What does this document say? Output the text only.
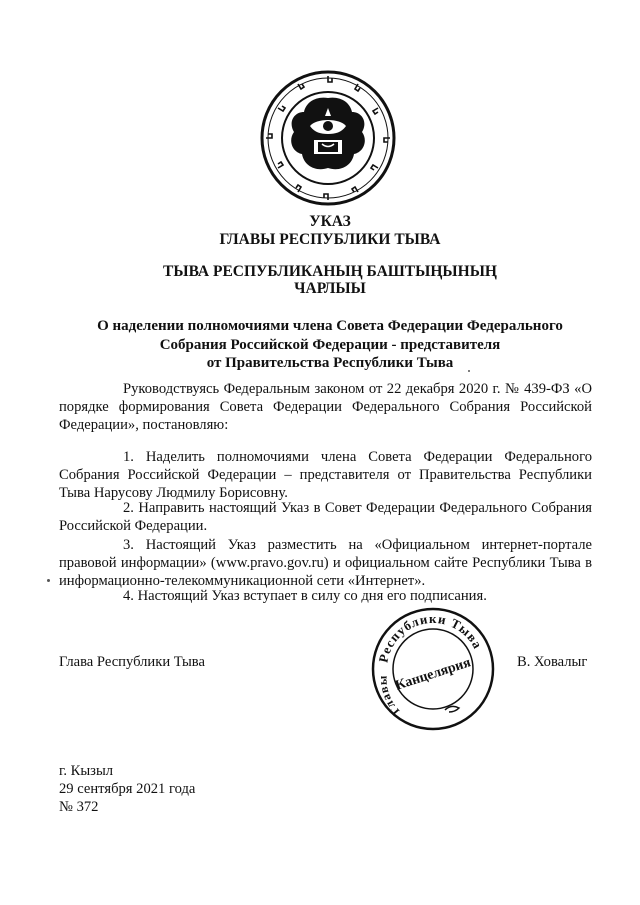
УКАЗ
ГЛАВЫ РЕСПУБЛИКИ ТЫВА
ТЫВА РЕСПУБЛИКАНЫҢ БАШТЫҢЫНЫҢ
ЧАРЛЫЫ
О наделении полномочиями члена Совета Федерации Федерального
Собрания Российской Федерации - представителя
от Правительства Республики Тыва
Руководствуясь Федеральным законом от 22 декабря 2020 г. № 439-ФЗ «О порядке формирования Совета Федерации Федерального Собрания Российской Федерации», постановляю:
1. Наделить полномочиями члена Совета Федерации Федерального Собрания Российской Федерации – представителя от Правительства Республики Тыва Нарусову Людмилу Борисовну.
2. Направить настоящий Указ в Совет Федерации Федерального Собрания Российской Федерации.
3. Настоящий Указ разместить на «Официальном интернет-портале правовой информации» (www.pravo.gov.ru) и официальном сайте Республики Тыва в информационно-телекоммуникационной сети «Интернет».
4. Настоящий Указ вступает в силу со дня его подписания.
Глава Республики Тыва	Республики Тыва
Главы Канцелярия	В. Ховалыг
г. Кызыл
29 сентября 2021 года
№ 372
